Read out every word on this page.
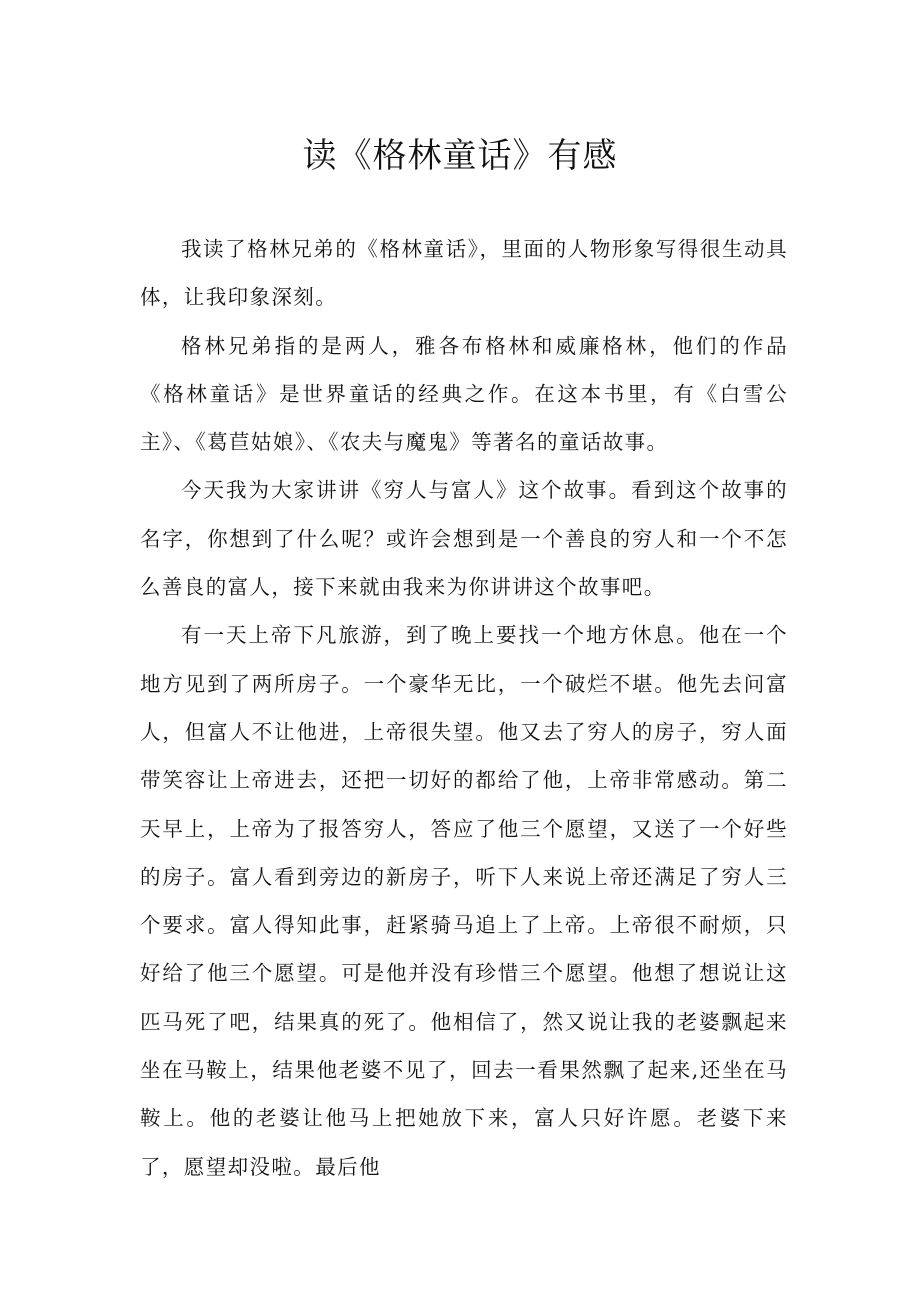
读《格林童话》有感

我读了格林兄弟的《格林童话》，里面的人物形象写得很生动具体，让我印象深刻。

格林兄弟指的是两人，雅各布格林和威廉格林，他们的作品《格林童话》是世界童话的经典之作。在这本书里，有《白雪公主》、《葛苣姑娘》、《农夫与魔鬼》等著名的童话故事。

今天我为大家讲讲《穷人与富人》这个故事。看到这个故事的名字，你想到了什么呢？或许会想到是一个善良的穷人和一个不怎么善良的富人，接下来就由我来为你讲讲这个故事吧。

有一天上帝下凡旅游，到了晚上要找一个地方休息。他在一个地方见到了两所房子。一个豪华无比，一个破烂不堪。他先去问富人，但富人不让他进，上帝很失望。他又去了穷人的房子，穷人面带笑容让上帝进去，还把一切好的都给了他，上帝非常感动。第二天早上，上帝为了报答穷人，答应了他三个愿望，又送了一个好些的房子。富人看到旁边的新房子，听下人来说上帝还满足了穷人三个要求。富人得知此事，赶紧骑马追上了上帝。上帝很不耐烦，只好给了他三个愿望。可是他并没有珍惜三个愿望。他想了想说让这匹马死了吧，结果真的死了。他相信了，然又说让我的老婆飘起来坐在马鞍上，结果他老婆不见了，回去一看果然飘了起来,还坐在马鞍上。他的老婆让他马上把她放下来，富人只好许愿。老婆下来了，愿望却没啦。最后他
